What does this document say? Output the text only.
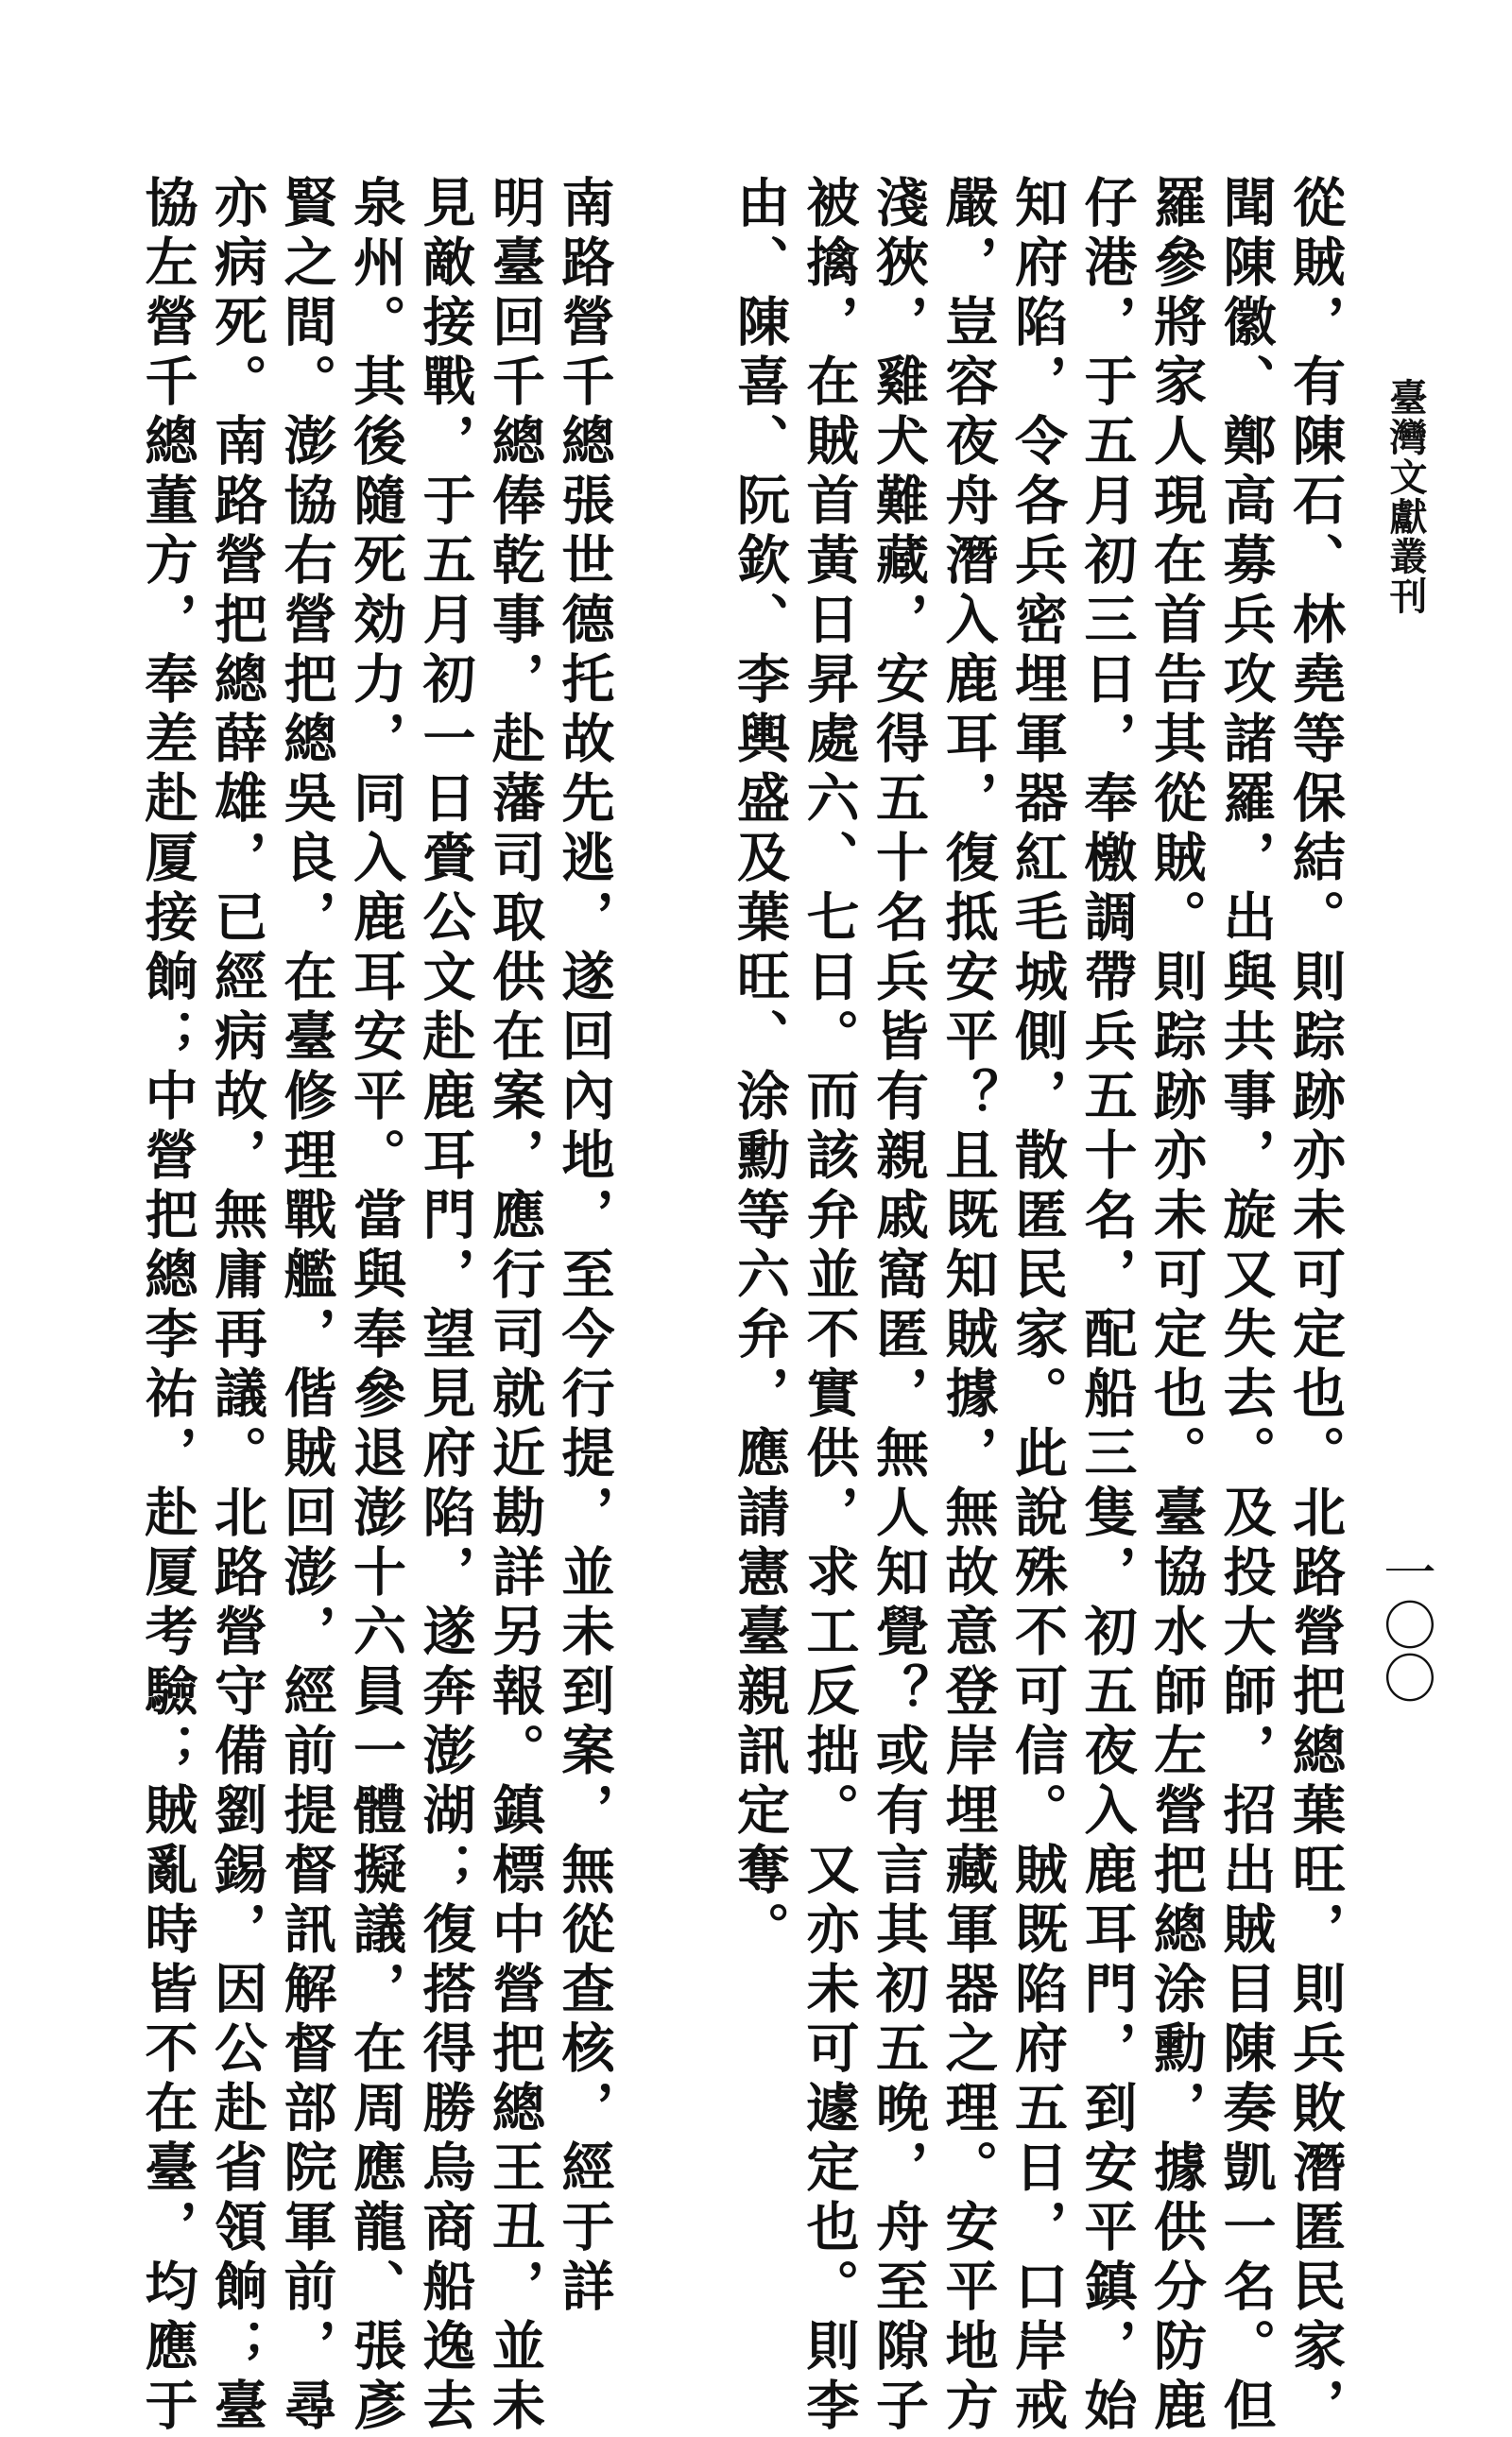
臺灣文獻叢刊
一〇〇
從賊，有陳石、林堯等保結。則踪跡亦未可定也。北路營把總葉旺，則兵敗潛匿民家，
聞陳徽、鄭高募兵攻諸羅，出與共事，旋又失去。及投大師，招出賊目陳奏凱一名。但
羅參將家人現在首告其從賊。則踪跡亦未可定也。臺協水師左營把總涂勳，據供分防鹿
仔港，于五月初三日，奉檄調帶兵五十名，配船三隻，初五夜入鹿耳門，到安平鎮，始
知府陷，令各兵密埋軍器紅毛城側，散匿民家。此說殊不可信。賊既陷府五日，口岸戒
嚴，豈容夜舟潛入鹿耳，復抵安平？且既知賊據，無故意登岸埋藏軍器之理。安平地方
淺狹，雞犬難藏，安得五十名兵皆有親戚窩匿，無人知覺？或有言其初五晚，舟至隙子
被擒，在賊首黃日昇處六、七日。而該弁並不實供，求工反拙。又亦未可遽定也。則李
由、陳喜、阮欽、李輿盛及葉旺、涂勳等六弁，應請憲臺親訊定奪。
南路營千總張世德托故先逃，遂回內地，至今行提，並未到案，無從查核，經于詳
明臺回千總俸乾事，赴藩司取供在案，應行司就近勘詳另報。鎮標中營把總王丑，並未
見敵接戰，于五月初一日賫公文赴鹿耳門，望見府陷，遂奔澎湖；復搭得勝烏商船逸去
泉州。其後隨死効力，同入鹿耳安平。當與奉參退澎十六員一體擬議，在周應龍、張彥
賢之間。澎協右營把總吳良，在臺修理戰艦，偕賊回澎，經前提督訊解督部院軍前，尋
亦病死。南路營把總薛雄，已經病故，無庸再議。北路營守備劉錫，因公赴省領餉；臺
協左營千總董方，奉差赴厦接餉；中營把總李祐，赴厦考驗；賊亂時皆不在臺，均應于
